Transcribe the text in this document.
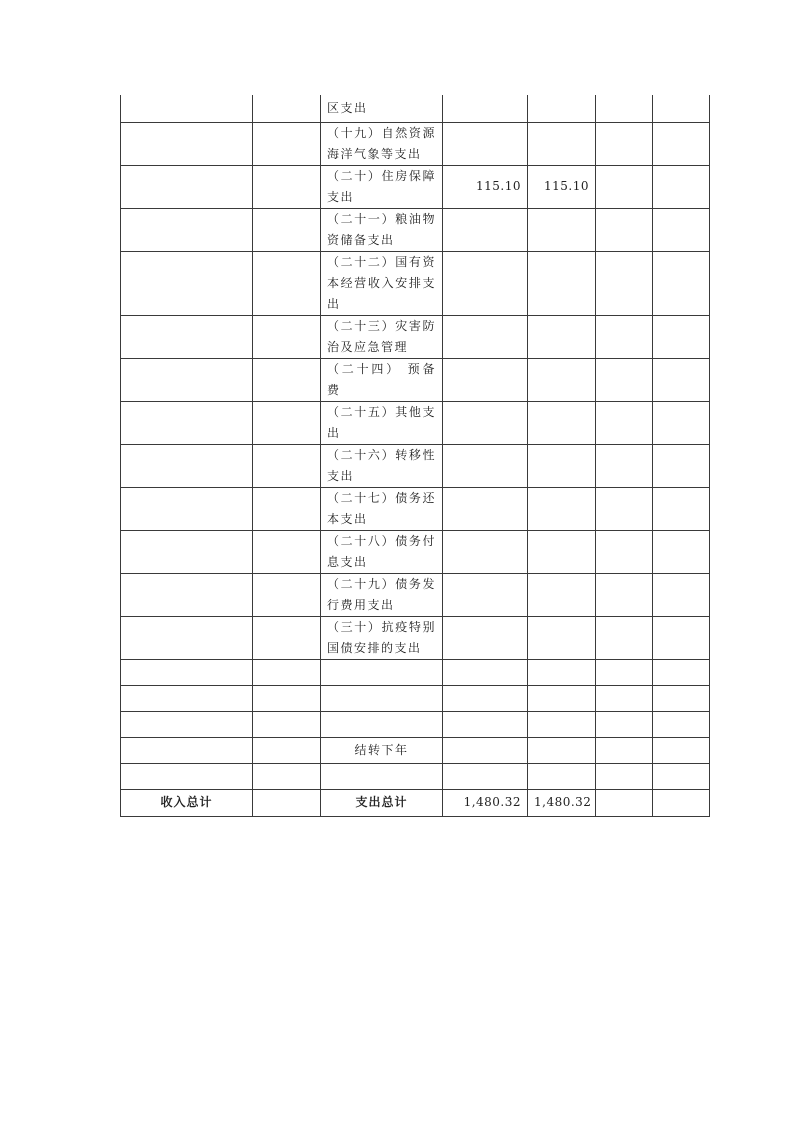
		区支出				
		（十九）自然资源海洋气象等支出				
		（二十）住房保障支出	115.10	115.10		
		（二十一）粮油物资储备支出				
		（二十二）国有资本经营收入安排支出				
		（二十三）灾害防治及应急管理				
		（二十四） 预备费				
		（二十五）其他支出				
		（二十六）转移性支出				
		（二十七）债务还本支出				
		（二十八）债务付息支出				
		（二十九）债务发行费用支出				
		（三十）抗疫特别国债安排的支出				

		结转下年				

收入总计		支出总计	1,480.32	1,480.32		
